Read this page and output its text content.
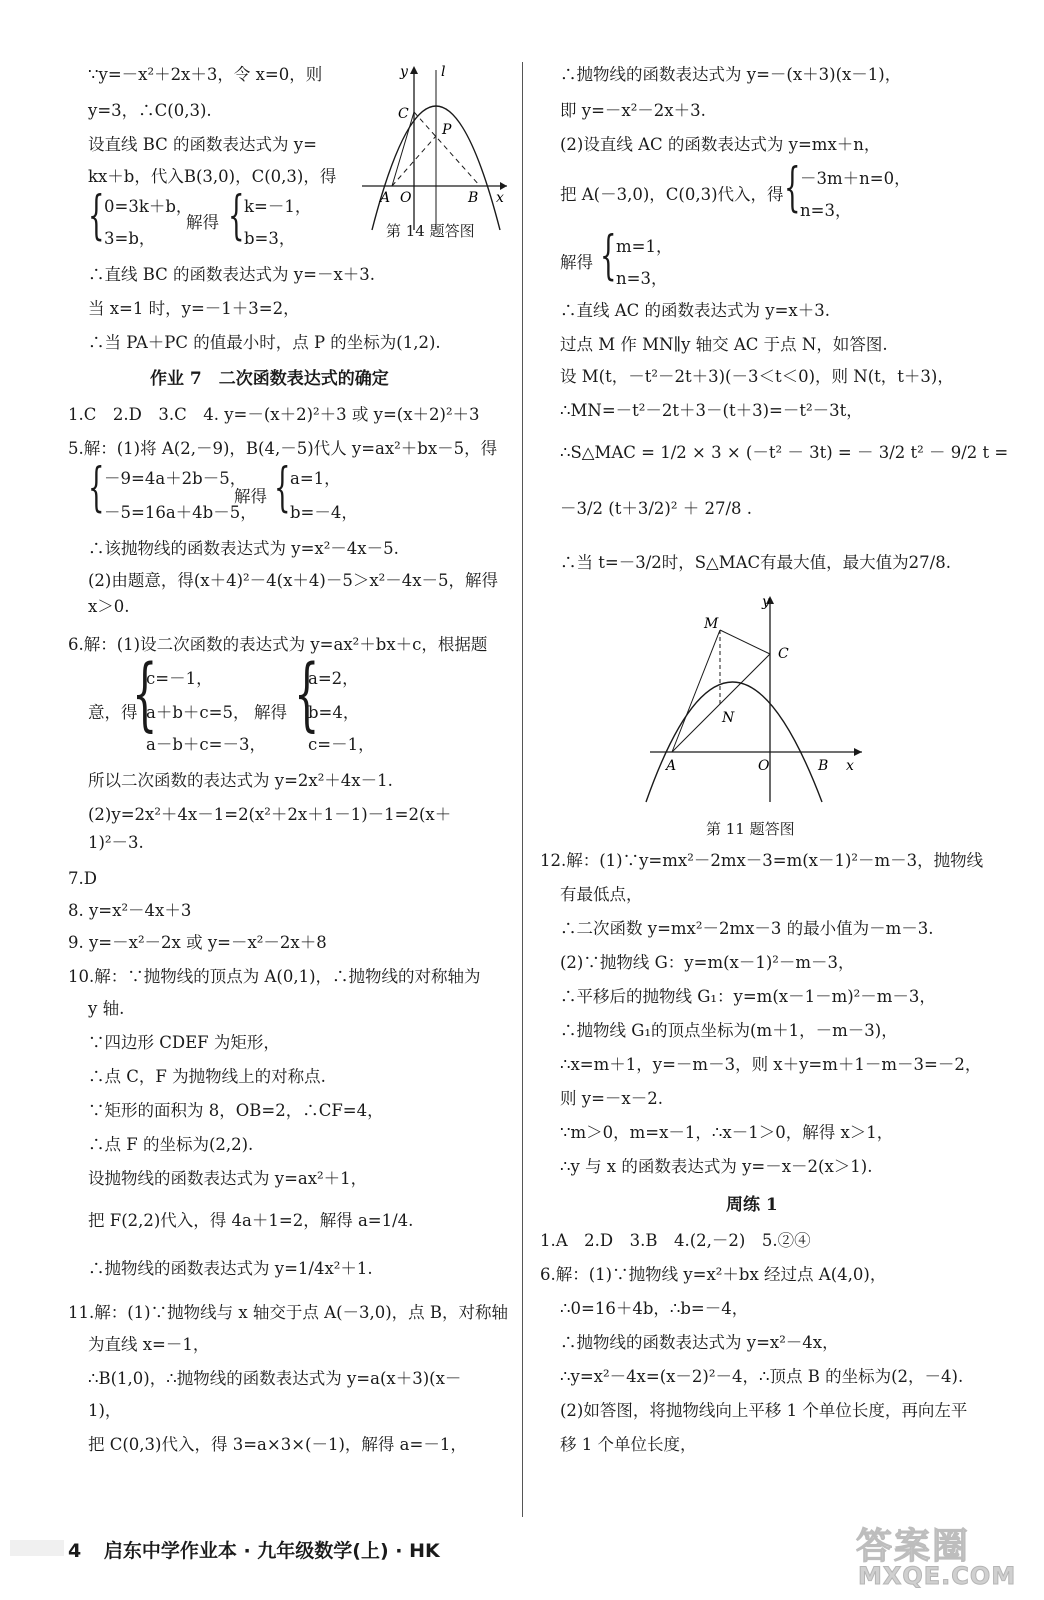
∵y=－x²＋2x＋3，令 x=0，则
y=3，∴C(0,3).
设直线 BC 的函数表达式为 y=
kx＋b，代入B(3,0)，C(0,3)，得
{ 0=3k＋b，
3=b，
解得 { k=－1，
b=3，
y l
C
P
A O	B x
第 14 题答图
∴直线 BC 的函数表达式为 y=－x＋3.
当 x=1 时，y=－1＋3=2，
∴当 PA＋PC 的值最小时，点 P 的坐标为(1,2).
作业 7　二次函数表达式的确定
1.C　2.D　3.C　4. y=－(x＋2)²＋3 或 y=(x＋2)²＋3
5.解：(1)将 A(2,－9)，B(4,－5)代人 y=ax²＋bx－5，得
{ －9=4a＋2b－5，
－5=16a＋4b－5，
解得 { a=1，
b=－4，
∴该抛物线的函数表达式为 y=x²－4x－5.
(2)由题意，得(x＋4)²－4(x＋4)－5＞x²－4x－5，解得
x＞0.
6.解：(1)设二次函数的表达式为 y=ax²＋bx＋c，根据题
意，得
{
c=－1，
a＋b＋c=5，
a－b＋c=－3，
解得 {
a=2，
b=4，
c=－1，
所以二次函数的表达式为 y=2x²＋4x－1.
(2)y=2x²＋4x－1=2(x²＋2x＋1－1)－1=2(x＋
1)²－3.
7.D
8. y=x²－4x＋3
9. y=－x²－2x 或 y=－x²－2x＋8
10.解：∵抛物线的顶点为 A(0,1)，∴抛物线的对称轴为
y 轴.
∵四边形 CDEF 为矩形，
∴点 C，F 为抛物线上的对称点.
∵矩形的面积为 8，OB=2，∴CF=4，
∴点 F 的坐标为(2,2).
设抛物线的函数表达式为 y=ax²＋1，
把 F(2,2)代入，得 4a＋1=2，解得 a=1/4.
∴抛物线的函数表达式为 y=1/4x²＋1.
11.解：(1)∵抛物线与 x 轴交于点 A(－3,0)，点 B，对称轴
为直线 x=－1，
∴B(1,0)，∴抛物线的函数表达式为 y=a(x＋3)(x－
1)，
把 C(0,3)代入，得 3=a×3×(－1)，解得 a=－1，
∴抛物线的函数表达式为 y=－(x＋3)(x－1)，
即 y=－x²－2x＋3.
(2)设直线 AC 的函数表达式为 y=mx＋n，
把 A(－3,0)，C(0,3)代入，得 { －3m＋n=0，
n=3，
解得 { m=1，
n=3，
∴直线 AC 的函数表达式为 y=x＋3.
过点 M 作 MN∥y 轴交 AC 于点 N，如答图.
设 M(t，－t²－2t＋3)(－3＜t＜0)，则 N(t，t＋3)，
∴MN=－t²－2t＋3－(t＋3)=－t²－3t，
∴S△MAC = 1/2 × 3 × (－t² － 3t) = － 3/2 t² － 9/2 t =
－3/2 (t＋3/2)² ＋ 27/8 .
∴当 t=－3/2时，S△MAC有最大值，最大值为27/8.
y
M
C
N
A	O	B x
第 11 题答图
12.解：(1)∵y=mx²－2mx－3=m(x－1)²－m－3，抛物线
有最低点，
∴二次函数 y=mx²－2mx－3 的最小值为－m－3.
(2)∵抛物线 G：y=m(x－1)²－m－3，
∴平移后的抛物线 G₁：y=m(x－1－m)²－m－3，
∴抛物线 G₁的顶点坐标为(m＋1，－m－3)，
∴x=m＋1，y=－m－3，则 x＋y=m＋1－m－3=－2，
则 y=－x－2.
∵m＞0，m=x－1，∴x－1＞0，解得 x＞1，
∴y 与 x 的函数表达式为 y=－x－2(x＞1).
周练 1
1.A　2.D　3.B　4.(2,－2)　5.②④
6.解：(1)∵抛物线 y=x²＋bx 经过点 A(4,0)，
∴0=16＋4b，∴b=－4，
∴抛物线的函数表达式为 y=x²－4x，
∴y=x²－4x=(x－2)²－4，∴顶点 B 的坐标为(2，－4).
(2)如答图，将抛物线向上平移 1 个单位长度，再向左平
移 1 个单位长度，
4 启东中学作业本 · 九年级数学(上) · HK	答案圈
MXQE.COM
